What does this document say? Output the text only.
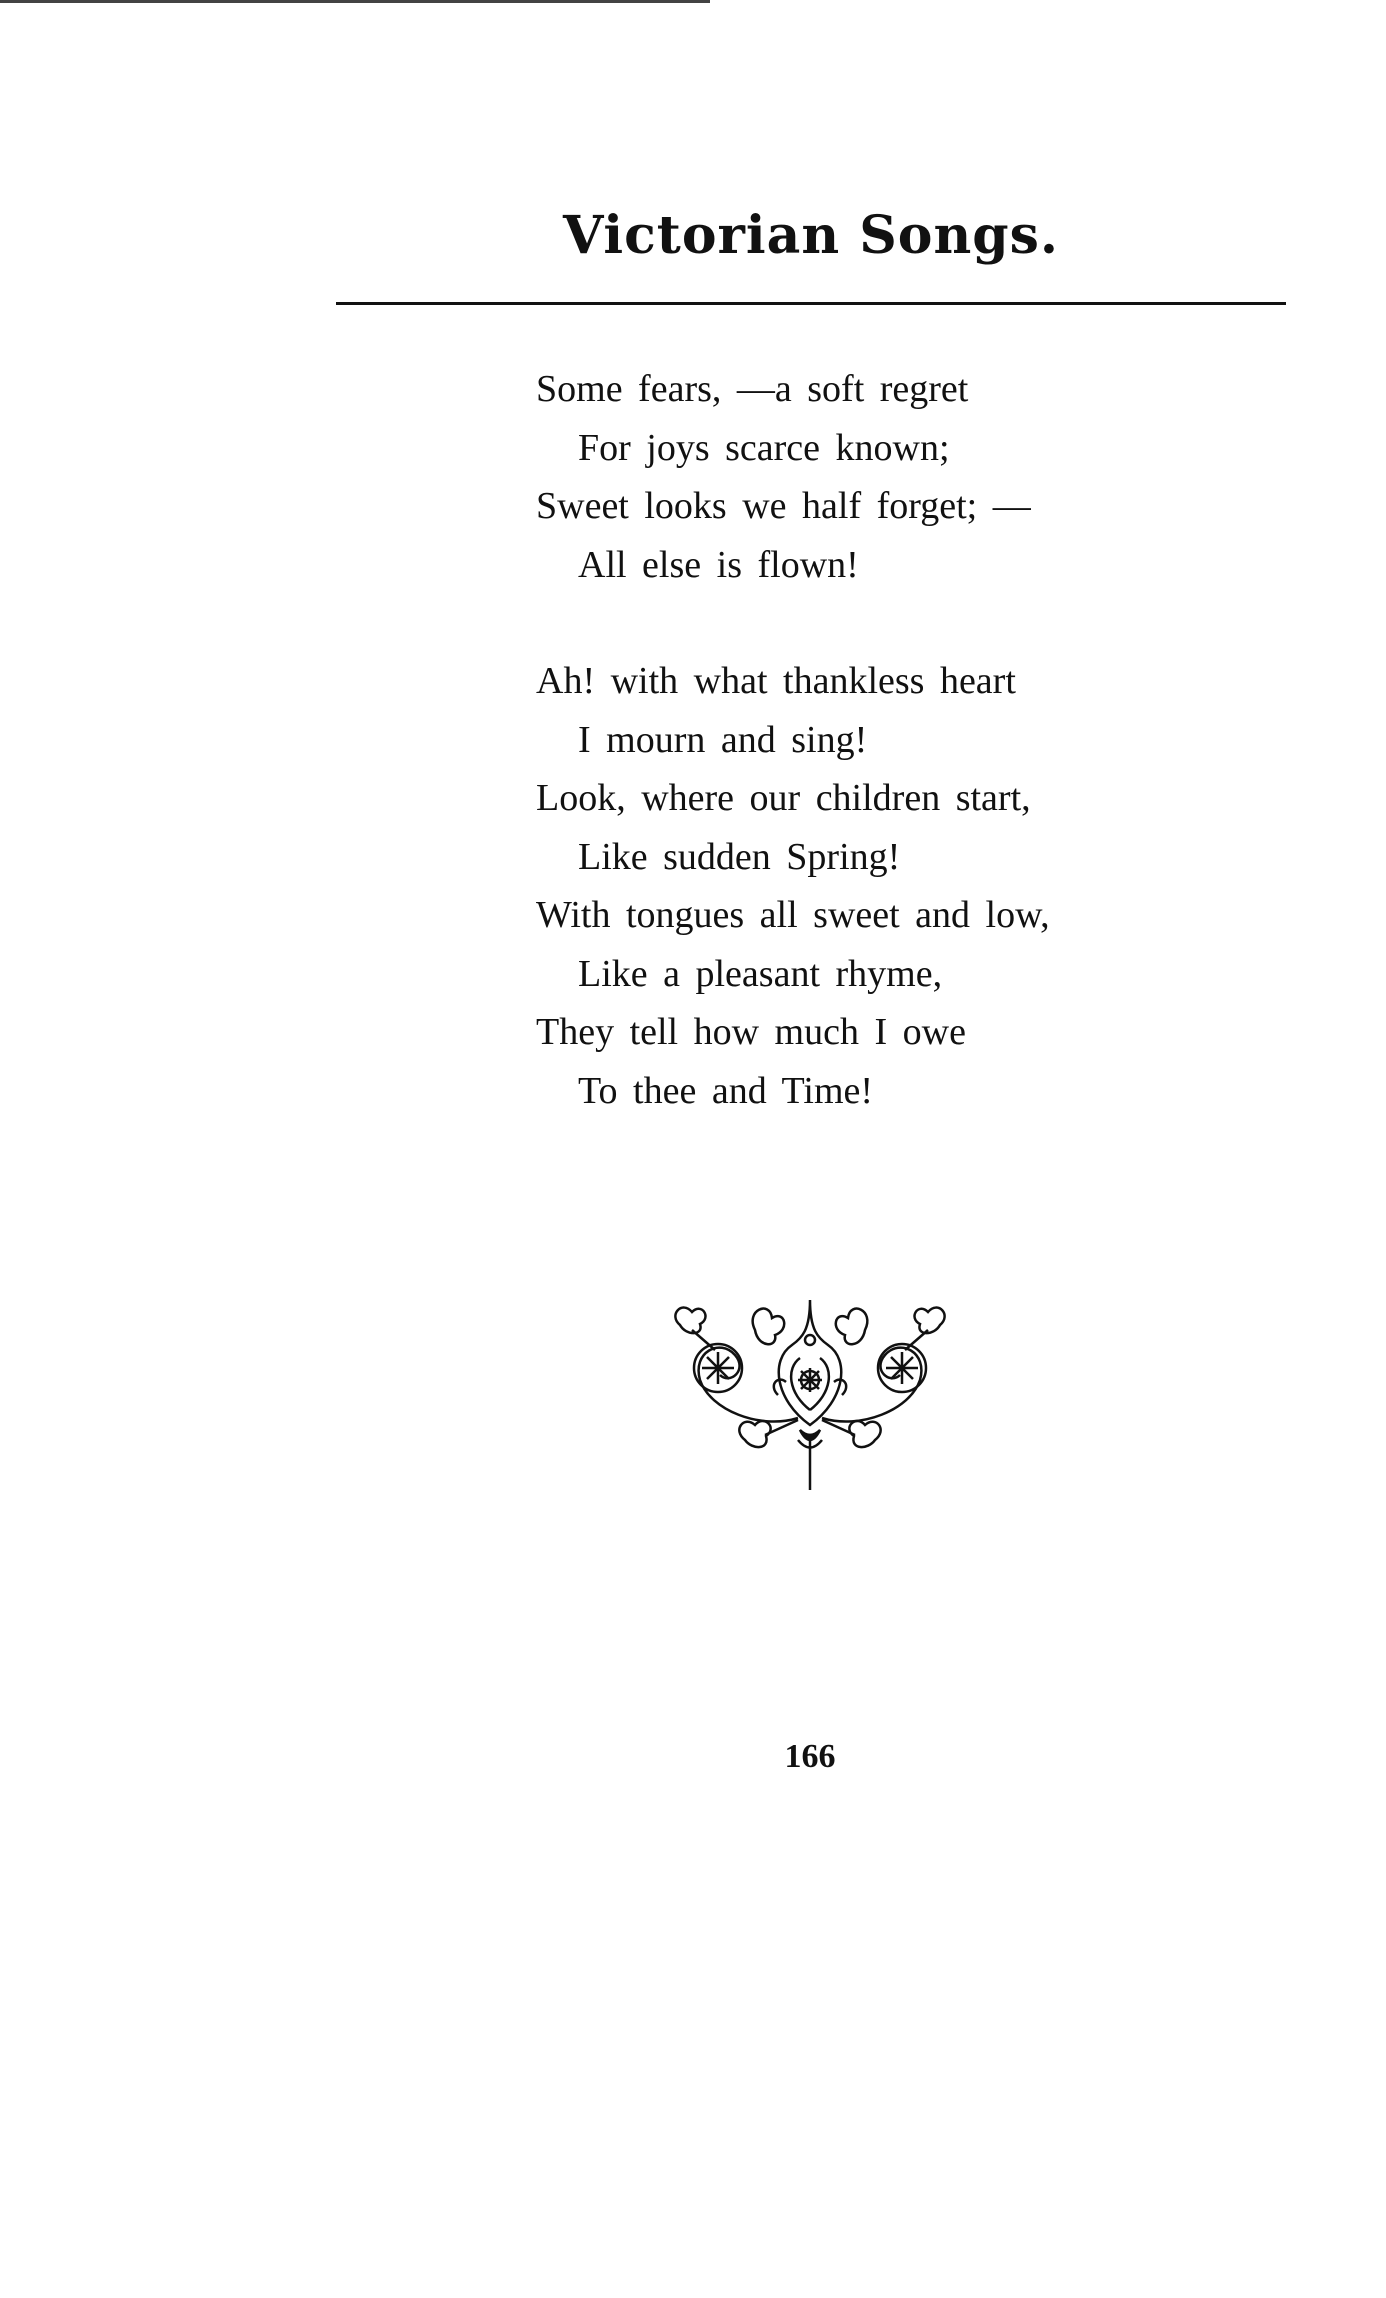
Victorian Songs.
Some fears, —a soft regret
For joys scarce known;
Sweet looks we half forget; —
All else is flown!
Ah! with what thankless heart
I mourn and sing!
Look, where our children start,
Like sudden Spring!
With tongues all sweet and low,
Like a pleasant rhyme,
They tell how much I owe
To thee and Time!
166
